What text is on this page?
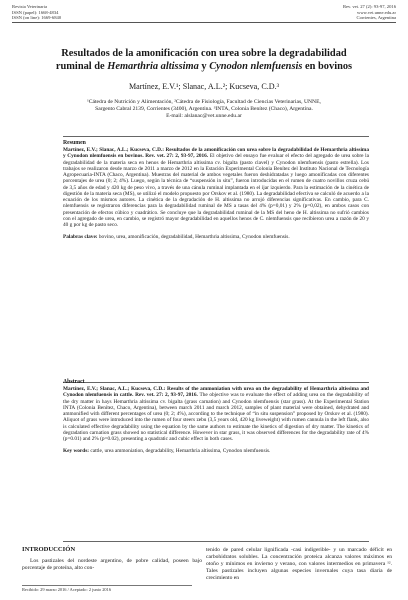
Revista Veterinaria
ISSN (papel): 1668-4834
ISSN (on line): 1669-6840
Rev. vet. 27 (2): 93-97, 2016
www.vet.unne.edu.ar
Corrientes, Argentina
Resultados de la amonificación con urea sobre la degradabilidad
ruminal de Hemarthria altissima y Cynodon nlemfuensis en bovinos
Martínez, E.V.¹; Slanac, A.L.²; Kucseva, C.D.³
¹Cátedra de Nutrición y Alimentación, ²Cátedra de Fisiología, Facultad de Ciencias Veterinarias, UNNE,
Sargento Cabral 2139, Corrientes (3400), Argentina. ³INTA, Colonia Benítez (Chaco), Argentina.
E-mail: alslanac@vet.unne.edu.ar
Resumen

Martínez, E.V.; Slanac, A.L.; Kucseva, C.D.: Resultados de la amonificación con urea sobre la degradabilidad de Hemarthria altissima y Cynodon nlemfuensis en bovinos. Rev. vet. 27: 2, 93-97, 2016. El objetivo del ensayo fue evaluar el efecto del agregado de urea sobre la degradabilidad de la materia seca en henos de Hemarthria altissima cv. bigalta (pasto clavel) y Cynodon nlemfuensis (pasto estrella). Los trabajos se realizaron desde marzo de 2011 a marzo de 2012 en la Estación Experimental Colonia Benítez del Instituto Nacional de Tecnología Agropecuaria-INTA (Chaco, Argentina). Muestras del material de ambos vegetales fueron deshidratadas y luego amonificadas con diferentes porcentajes de urea (0; 2; 4%). Luego, según la técnica de “suspensión in situ”, fueron introducidas en el rumen de cuatro novillos cruza cebú de 3,5 años de edad y 420 kg de peso vivo, a través de una cánula ruminal implantada en el ijar izquierdo. Para la estimación de la cinética de digestión de la materia seca (MS), se utilizó el modelo propuesto por Orskov et al. (1980). La degradabilidad efectiva se calculó de acuerdo a la ecuación de los mismos autores. La cinética de la degradación de H. altissima no arrojó diferencias significativas. En cambio, para C. nlemfuensis se registraron diferencias para la degradabilidad ruminal de MS a tasas del 4% (p=0,01) y 2% (p=0,02), en ambos casos con presentación de efectos cúbico y cuadrático. Se concluye que la degradabilidad ruminal de la MS del heno de H. altissima no sufrió cambios con el agregado de urea, en cambio, se registró mayor degradabilidad en aquellos henos de C. nlemfuensis que recibieron urea a razón de 20 y 40 g por kg de pasto seco.

Palabras clave: bovino, urea, amonificación, degradabilidad, Hemarthria altissima, Cynodon nlemfuensis.

Abstract

Martínez, E.V.; Slanac, A.L.; Kucseva, C.D.: Results of the ammoniation with urea on the degradability of Hemarthria altissima and Cynodon nlemfuensis in cattle. Rev. vet. 27: 2, 93-97, 2016. The objective was to evaluate the effect of adding urea on the degradability of the dry matter in hays Hemarthria altissima cv. bigalta (grass carnation) and Cynodon nlemfuensis (star grass). At the Experimental Station INTA (Colonia Benítez, Chaco, Argentina), between march 2011 and march 2012, samples of plant material were obtained, dehydrated and ammonified with different percentages of urea (0; 2; 4%), according to the technique of “in situ suspension” proposed by Orskov et al. (1980). Aliquot of grass were introduced into the rumen of four steers zebu (3,5 years old, 420 kg liveweight) with rumen cannula in the left flank, also is calculated effective degradability using the equation by the same authors to estimate the kinetics of digestion of dry matter. The kinetics of degradation carnation grass showed no statistical difference. However in star grass, it was observed differences for the degradability rate of 4% (p=0.01) and 2% (p=0.02), presenting a quadratic and cubic effect in both cases.

Key words: cattle, urea ammoniation, degradability, Hemarthria altissima, Cynodon nlemfuensis.

INTRODUCCIÓN
Los pastizales del nordeste argentino, de pobre calidad, poseen bajo porcentaje de proteína, alto con-
tenido de pared celular lignificada -casi indigerible- y un marcado déficit en carbohidratos solubles. La concentración proteica alcanza valores máximos en otoño y mínimos en invierno y verano, con valores intermedios en primavera ¹². Tales pastizales incluyen algunas especies invernales cuya tasa diaria de crecimiento en
Recibido: 29 marzo 2016 / Aceptado: 2 junio 2016
